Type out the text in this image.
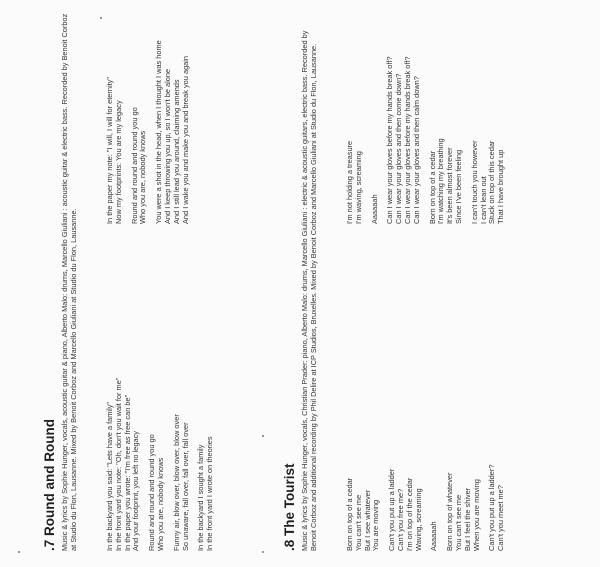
.7 Round and Round Music & lyrics by Sophie Hunger, vocals, acoustic guitar & piano, Alberto Malo: drums, Marcello Giuliani : acoustic guitar & electric bass. Recorded by Benoit Corboz at Studio du Flon, Lausanne. Mixed by Benoit Corboz and Marcello Giuliani at Studio du Flon, Lausanne.	In the backyard you said: "Lets have a family" In the front yard you note: "Oh, don't you wait for me" In the paper you wrote: "I'm free as free can be" And your footprint, you left no legacy Round and round and round you go Who you are, nobody knows Funny air, blow over, blow over, blow over So unaware, fall over, fall over, fall over In the backyard I sought a family In the front yard I wrote on theories
In the paper my note: "I will, I will for eternity" Now my footprints: You are my legacy Round and round and round you go Who you are, nobody knows You were a shot in the head, when I thought I was home And I keep throwing you up, so I won't be alone And I still lead you around, claiming amends And I wake you and make you and break you again
.8 The Tourist Music & lyrics by Sophie Hunger, vocals, Christian Prader: piano, Alberto Malo: drums, Marcello Giuliani : electric & acoustic guitars, electric bass. Recorded by Benoit Corboz and additional recording by Phil Delire at ICP Studios, Bruxelles. Mixed by Benoit Corboz and Marcello Giuliani at Studio du Flon, Lausanne.	Born on top of a cedar You can't see me But I see whatever You are moving Can't you put up a ladder Can't you free me? I'm on top of the cedar Waving, screaming Aaaaaah Born on top of whatever You can't see me But I feel the shiver When you are moving Can't you put up a ladder? Can't you meet me?
I'm not holding a treasure I'm waving, screaming Aaaaaah Can I wear your gloves before my hands break off? Can I wear your gloves and then come down? Can I wear your gloves before my hands break off? Can I wear your gloves and then calm down? Born on top of a cedar I'm watching my breathing It's been almost forever Since I've been feeling I can't touch you however I can't lean out Stuck on top of this cedar That I have brought up
